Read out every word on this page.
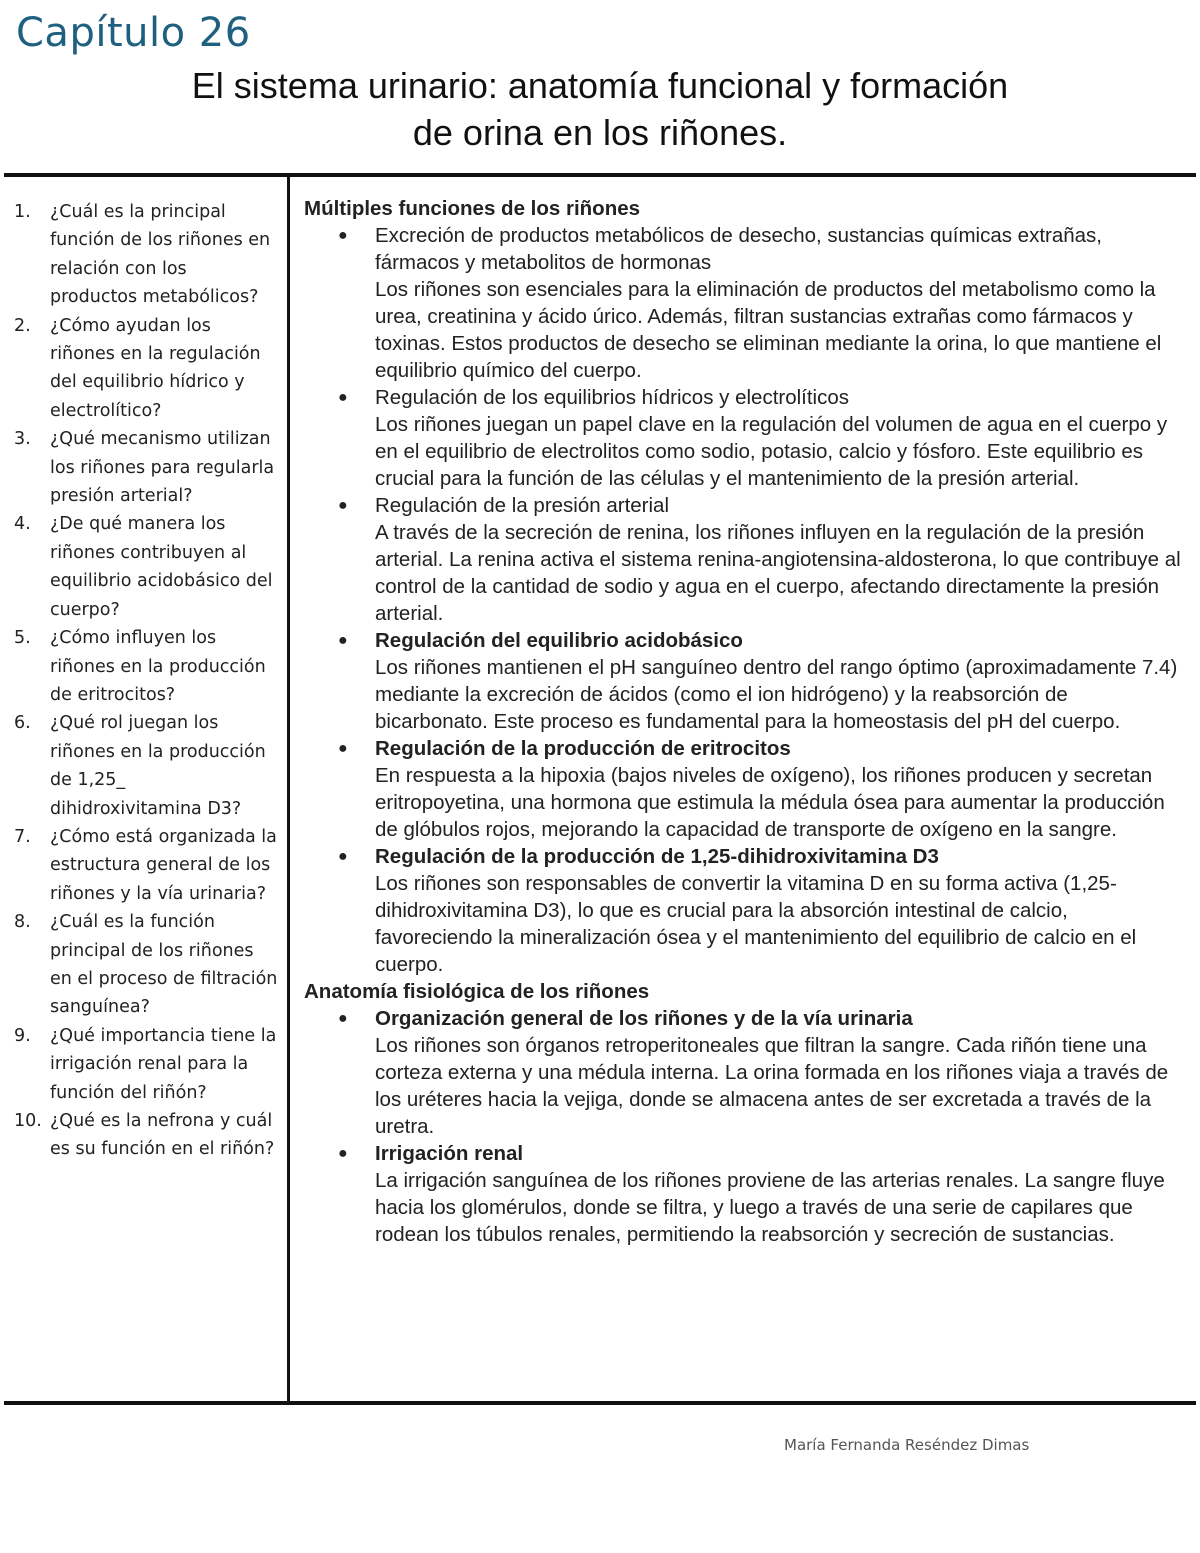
Capítulo 26
El sistema urinario: anatomía funcional y formación
de orina en los riñones.
1. ¿Cuál es la principal función de los riñones en relación con los productos metabólicos?
2. ¿Cómo ayudan los riñones en la regulación del equilibrio hídrico y electrolítico?
3. ¿Qué mecanismo utilizan los riñones para regularla presión arterial?
4. ¿De qué manera los riñones contribuyen al equilibrio acidobásico del cuerpo?
5. ¿Cómo influyen los riñones en la producción de eritrocitos?
6. ¿Qué rol juegan los riñones en la producción de 1,25_ dihidroxivitamina D3?
7. ¿Cómo está organizada la estructura general de los riñones y la vía urinaria?
8. ¿Cuál es la función principal de los riñones en el proceso de filtración sanguínea?
9. ¿Qué importancia tiene la irrigación renal para la función del riñón?
10. ¿Qué es la nefrona y cuál es su función en el riñón?

Múltiples funciones de los riñones

● Excreción de productos metabólicos de desecho, sustancias químicas extrañas, fármacos y metabolitos de hormonas
Los riñones son esenciales para la eliminación de productos del metabolismo como la urea, creatinina y ácido úrico. Además, filtran sustancias extrañas como fármacos y toxinas. Estos productos de desecho se eliminan mediante la orina, lo que mantiene el equilibrio químico del cuerpo.
● Regulación de los equilibrios hídricos y electrolíticos
Los riñones juegan un papel clave en la regulación del volumen de agua en el cuerpo y en el equilibrio de electrolitos como sodio, potasio, calcio y fósforo. Este equilibrio es crucial para la función de las células y el mantenimiento de la presión arterial.
● Regulación de la presión arterial
A través de la secreción de renina, los riñones influyen en la regulación de la presión arterial. La renina activa el sistema renina-angiotensina-aldosterona, lo que contribuye al control de la cantidad de sodio y agua en el cuerpo, afectando directamente la presión arterial.
● Regulación del equilibrio acidobásico
Los riñones mantienen el pH sanguíneo dentro del rango óptimo (aproximadamente 7.4) mediante la excreción de ácidos (como el ion hidrógeno) y la reabsorción de bicarbonato. Este proceso es fundamental para la homeostasis del pH del cuerpo.
● Regulación de la producción de eritrocitos
En respuesta a la hipoxia (bajos niveles de oxígeno), los riñones producen y secretan eritropoyetina, una hormona que estimula la médula ósea para aumentar la producción de glóbulos rojos, mejorando la capacidad de transporte de oxígeno en la sangre.
● Regulación de la producción de 1,25-dihidroxivitamina D3
Los riñones son responsables de convertir la vitamina D en su forma activa (1,25-dihidroxivitamina D3), lo que es crucial para la absorción intestinal de calcio, favoreciendo la mineralización ósea y el mantenimiento del equilibrio de calcio en el cuerpo.

Anatomía fisiológica de los riñones

● Organización general de los riñones y de la vía urinaria
Los riñones son órganos retroperitoneales que filtran la sangre. Cada riñón tiene una corteza externa y una médula interna. La orina formada en los riñones viaja a través de los uréteres hacia la vejiga, donde se almacena antes de ser excretada a través de la uretra.
● Irrigación renal
La irrigación sanguínea de los riñones proviene de las arterias renales. La sangre fluye hacia los glomérulos, donde se filtra, y luego a través de una serie de capilares que rodean los túbulos renales, permitiendo la reabsorción y secreción de sustancias.

María Fernanda Reséndez Dimas
